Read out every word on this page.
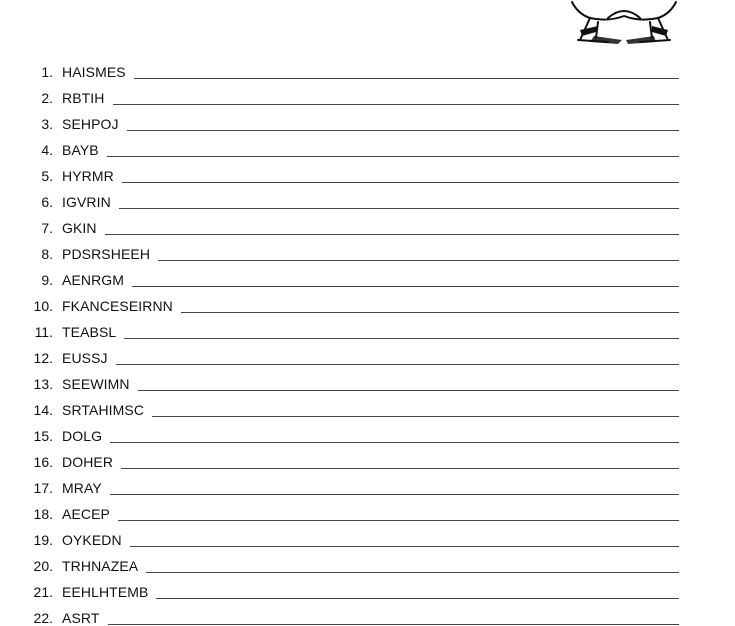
1. HAISMES
2. RBTIH
3. SEHPOJ
4. BAYB
5. HYRMR
6. IGVRIN
7. GKIN
8. PDSRSHEEH
9. AENRGM
10. FKANCESEIRNN
11. TEABSL
12. EUSSJ
13. SEEWIMN
14. SRTAHIMSC
15. DOLG
16. DOHER
17. MRAY
18. AECEP
19. OYKEDN
20. TRHNAZEA
21. EEHLHTEMB
22. ASRT
